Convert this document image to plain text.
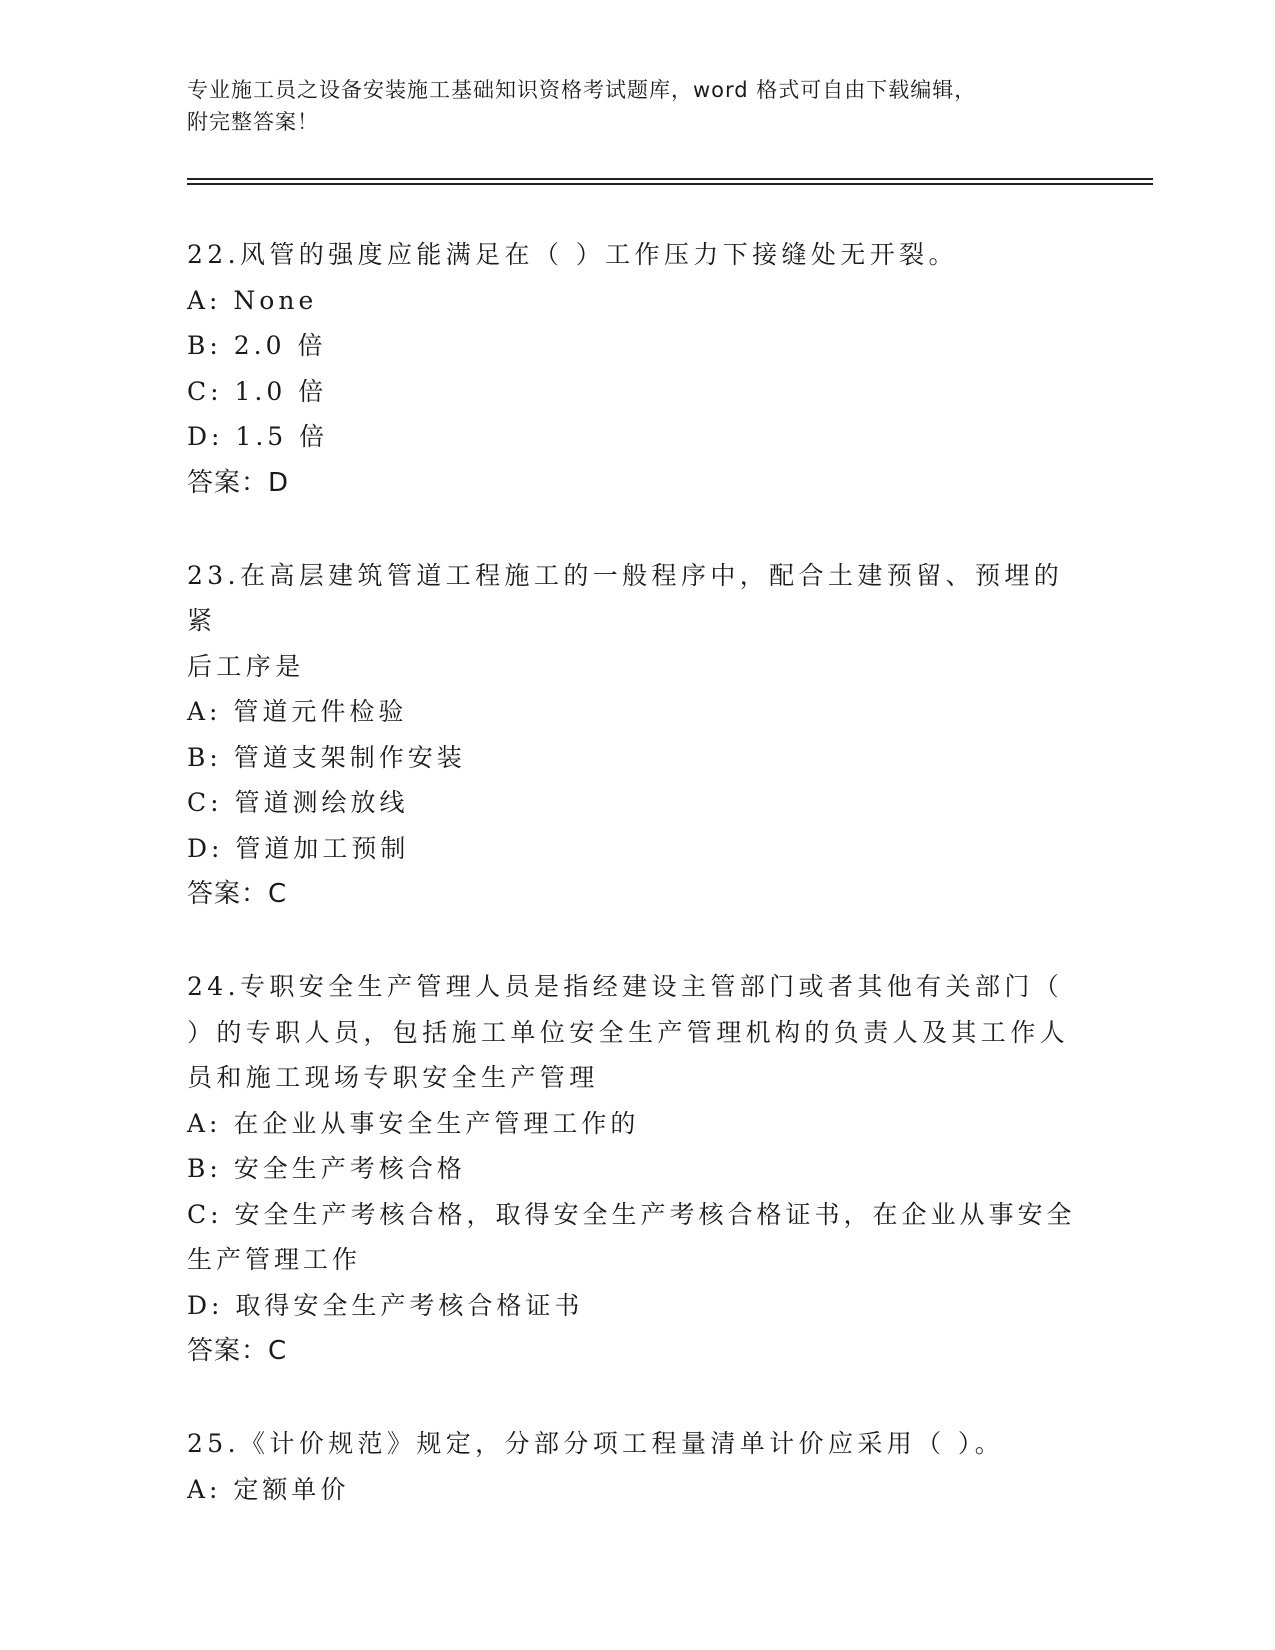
专业施工员之设备安装施工基础知识资格考试题库，word 格式可自由下载编辑，
附完整答案！
22.风管的强度应能满足在（ ）工作压力下接缝处无开裂。
A: None
B: 2.0 倍
C: 1.0 倍
D: 1.5 倍
答案：D
23.在高层建筑管道工程施工的一般程序中，配合土建预留、预埋的紧
后工序是
A: 管道元件检验
B: 管道支架制作安装
C: 管道测绘放线
D: 管道加工预制
答案：C
24.专职安全生产管理人员是指经建设主管部门或者其他有关部门（
）的专职人员，包括施工单位安全生产管理机构的负责人及其工作人
员和施工现场专职安全生产管理
A: 在企业从事安全生产管理工作的
B: 安全生产考核合格
C: 安全生产考核合格，取得安全生产考核合格证书，在企业从事安全
生产管理工作
D: 取得安全生产考核合格证书
答案：C
25.《计价规范》规定，分部分项工程量清单计价应采用（ ）。
A: 定额单价
